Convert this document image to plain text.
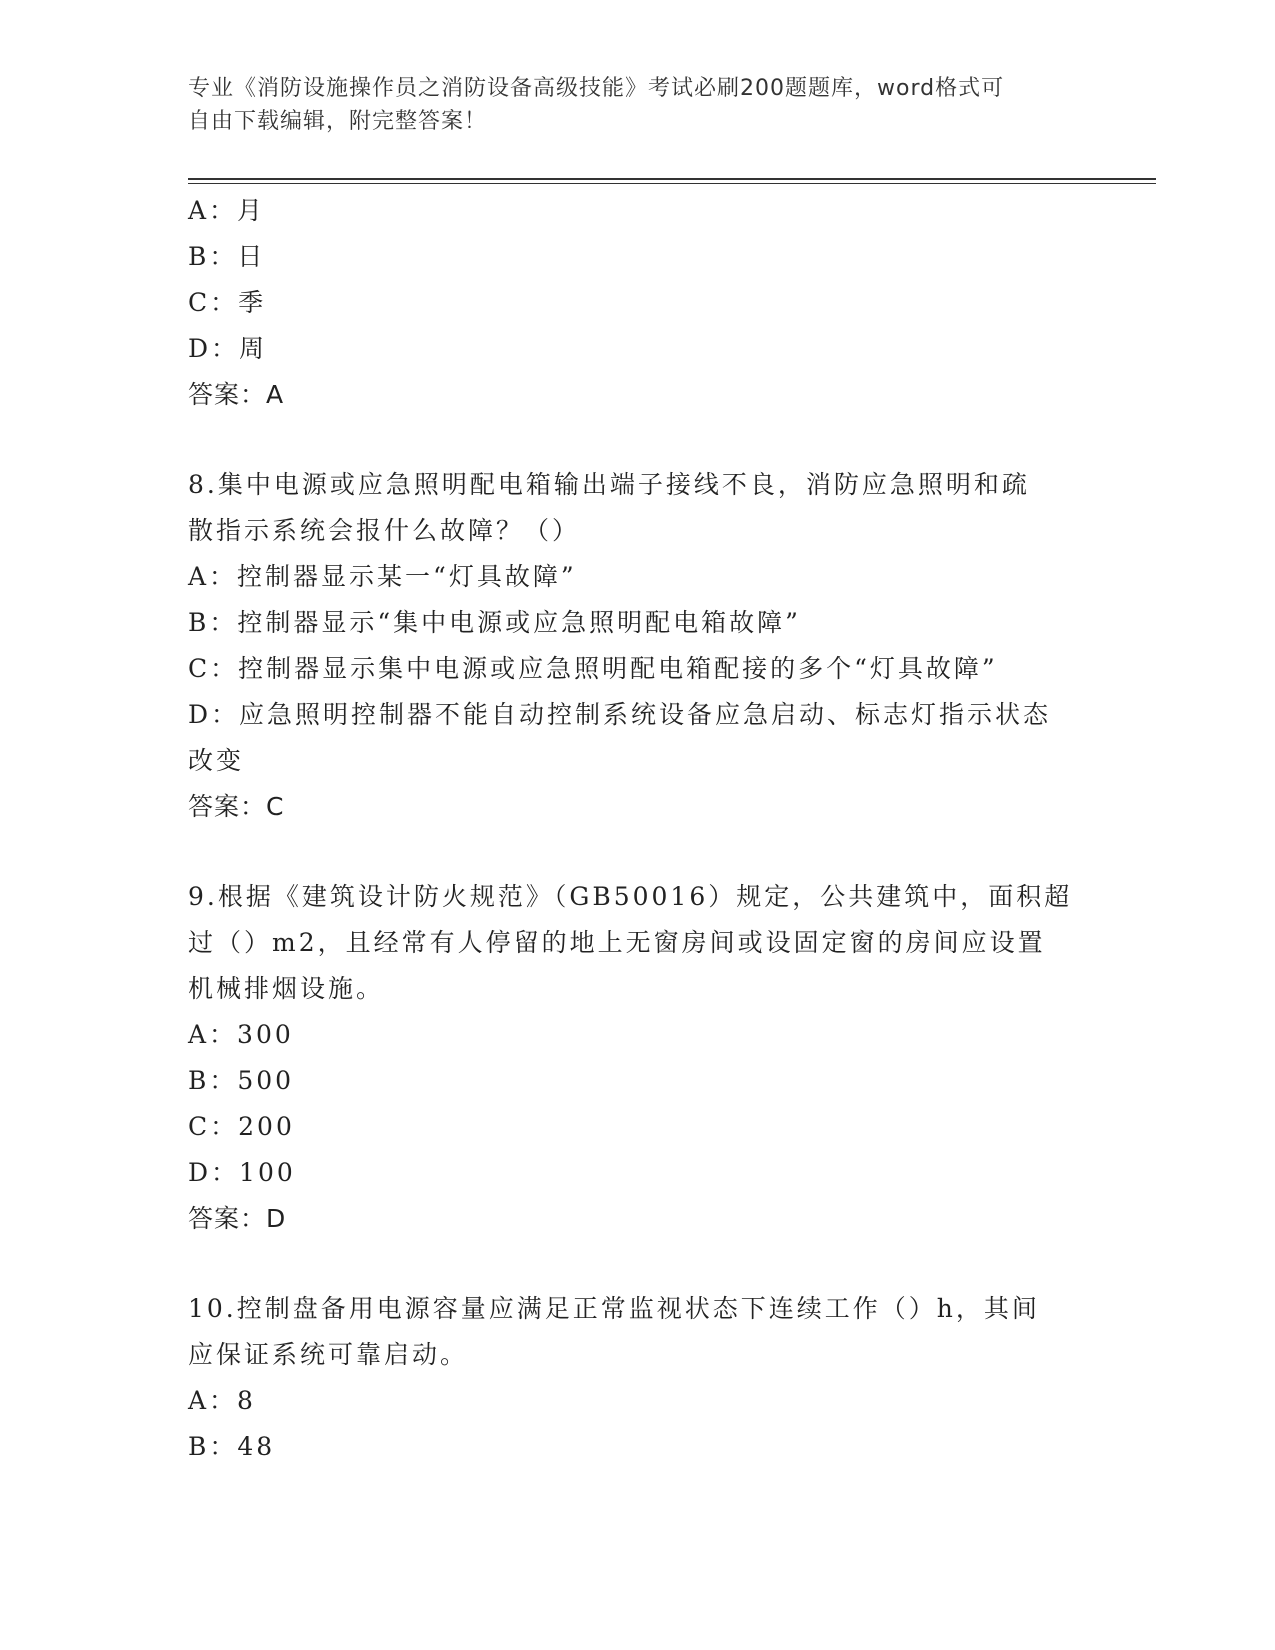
专业《消防设施操作员之消防设备高级技能》考试必刷200题题库，word格式可
自由下载编辑，附完整答案！
A：月
B：日
C：季
D：周
答案：A
8.集中电源或应急照明配电箱输出端子接线不良，消防应急照明和疏
散指示系统会报什么故障？（）
A：控制器显示某一“灯具故障”
B：控制器显示“集中电源或应急照明配电箱故障”
C：控制器显示集中电源或应急照明配电箱配接的多个“灯具故障”
D：应急照明控制器不能自动控制系统设备应急启动、标志灯指示状态
改变
答案：C
9.根据《建筑设计防火规范》（GB50016）规定，公共建筑中，面积超
过（）m2，且经常有人停留的地上无窗房间或设固定窗的房间应设置
机械排烟设施。
A：300
B：500
C：200
D：100
答案：D
10.控制盘备用电源容量应满足正常监视状态下连续工作（）h，其间
应保证系统可靠启动。
A：8
B：48
